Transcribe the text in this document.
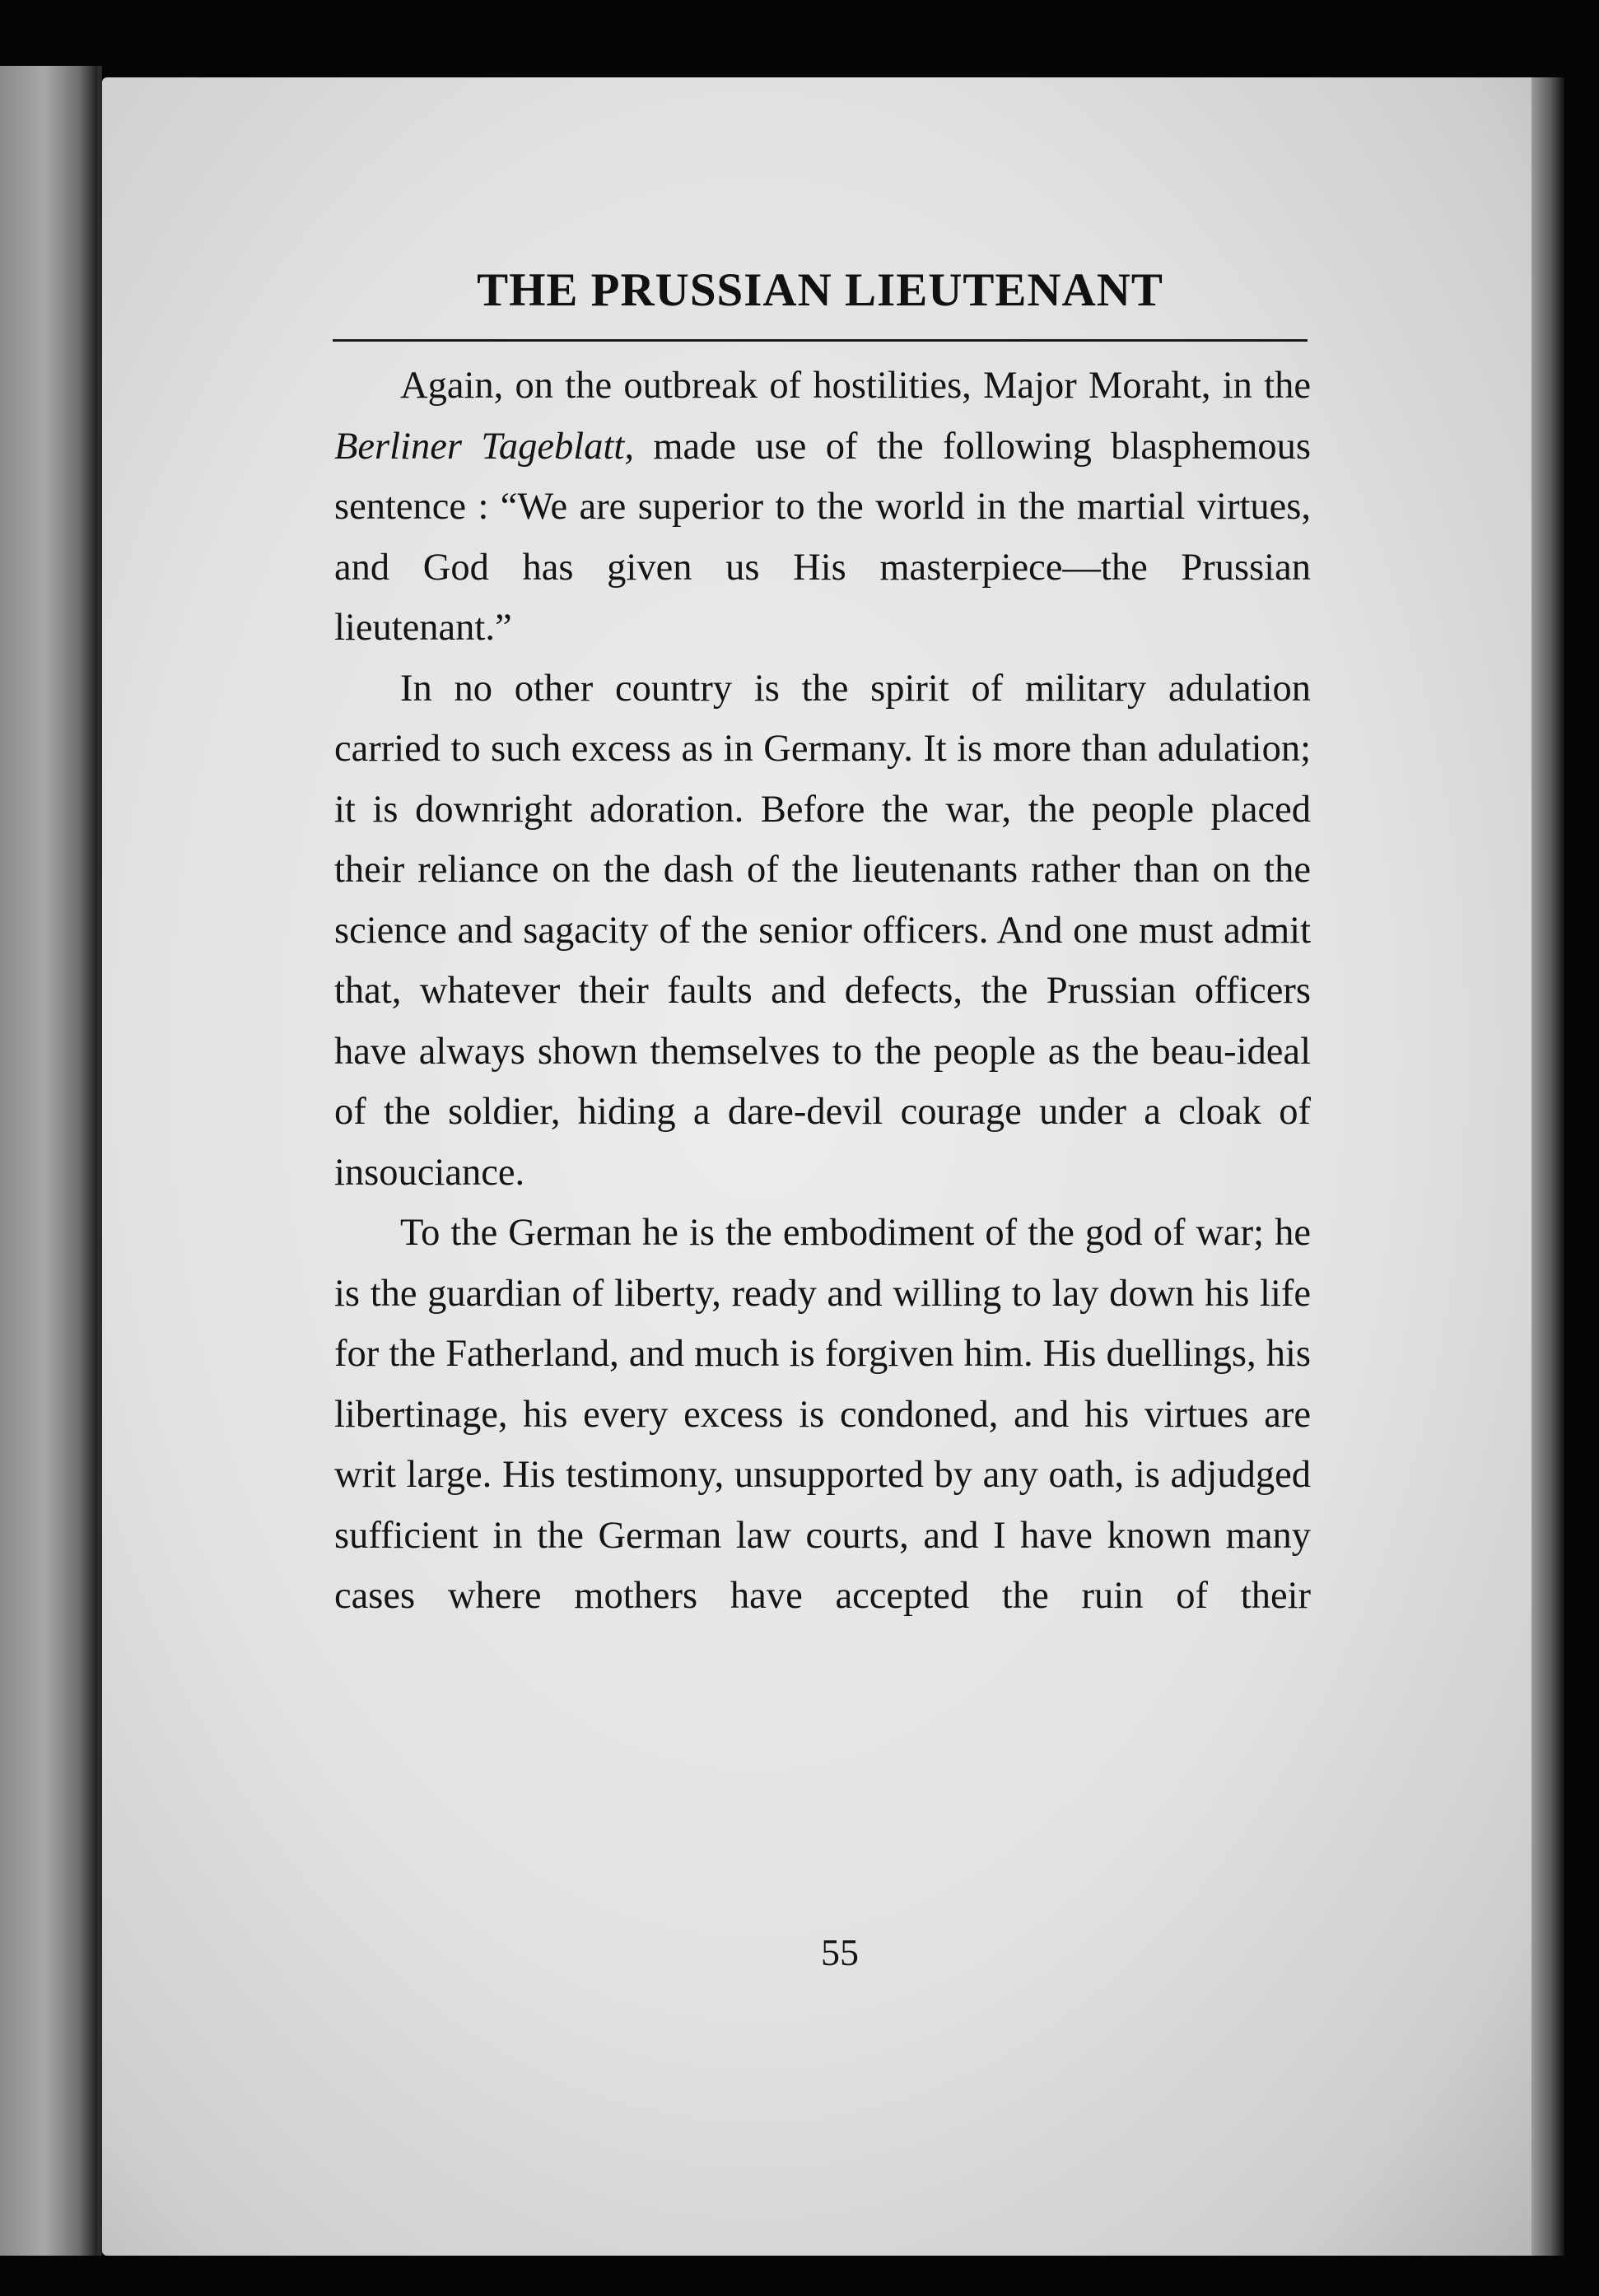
THE PRUSSIAN LIEUTENANT

Again, on the outbreak of hostilities, Major Moraht, in the Berliner Tageblatt, made use of the following blasphemous sentence : “We are superior to the world in the martial virtues, and God has given us His masterpiece—the Prussian lieutenant.”

In no other country is the spirit of military adulation carried to such excess as in Germany. It is more than adulation; it is downright adoration. Before the war, the people placed their reliance on the dash of the lieutenants rather than on the science and sagacity of the senior officers. And one must admit that, whatever their faults and defects, the Prussian officers have always shown themselves to the people as the beau-ideal of the soldier, hiding a dare-devil courage under a cloak of insouciance.

To the German he is the embodiment of the god of war; he is the guardian of liberty, ready and willing to lay down his life for the Fatherland, and much is forgiven him. His duellings, his libertinage, his every excess is condoned, and his virtues are writ large. His testimony, unsupported by any oath, is adjudged sufficient in the German law courts, and I have known many cases where mothers have accepted the ruin of their

55
